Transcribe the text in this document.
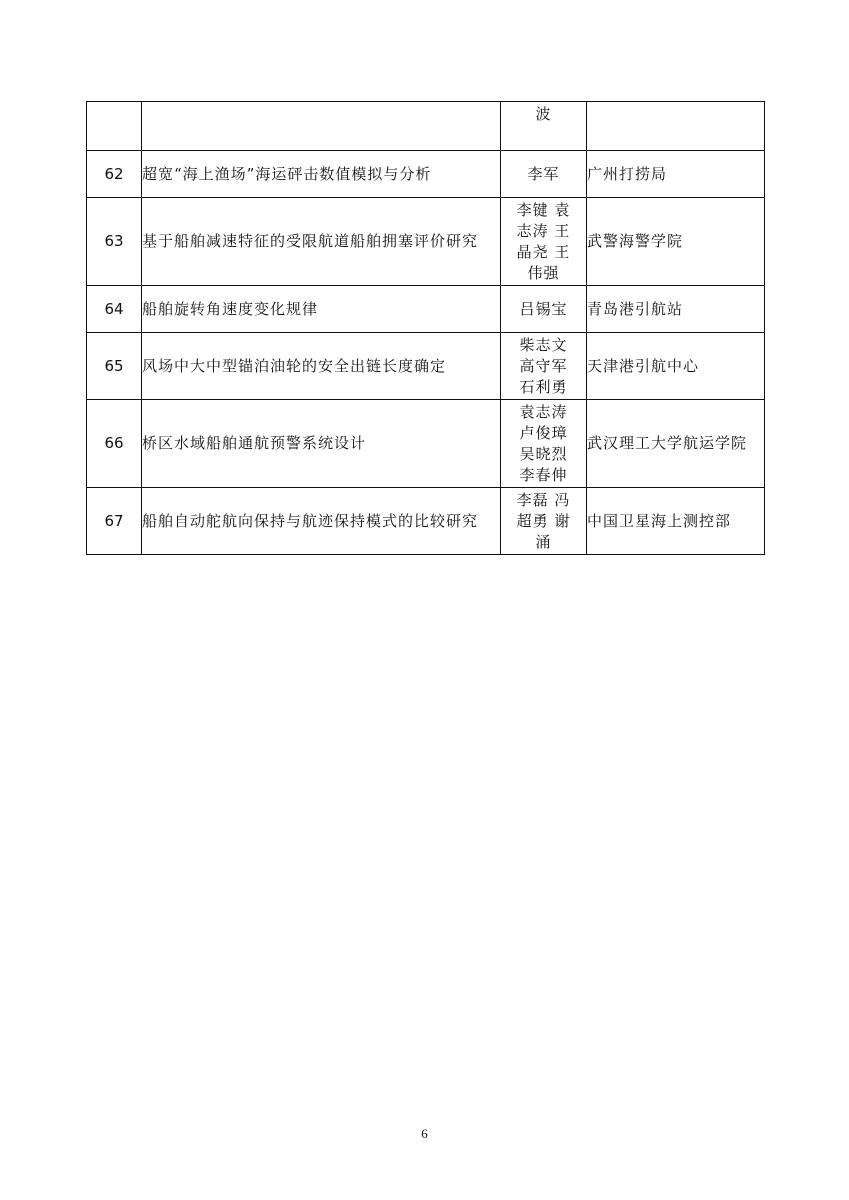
		波	

62	超宽“海上渔场”海运砰击数值模拟与分析	李军	广州打捞局
63	基于船舶减速特征的受限航道船舶拥塞评价研究	李键 袁
志涛 王
晶尧 王
伟强	武警海警学院
64	船舶旋转角速度变化规律	吕锡宝	青岛港引航站
65	风场中大中型锚泊油轮的安全出链长度确定	柴志文
高守军
石利勇	天津港引航中心
66	桥区水域船舶通航预警系统设计	袁志涛
卢俊璋
吴晓烈
李春伸	武汉理工大学航运学院
67	船舶自动舵航向保持与航迹保持模式的比较研究	李磊 冯
超勇 谢
涌	中国卫星海上测控部
6
